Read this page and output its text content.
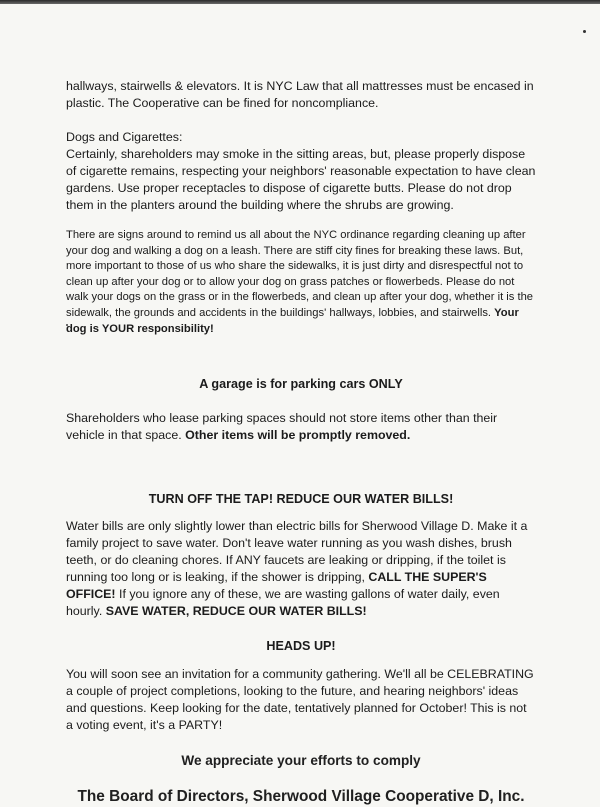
hallways, stairwells & elevators. It is NYC Law that all mattresses must be encased in plastic. The Cooperative can be fined for noncompliance.

Dogs and Cigarettes:

Certainly, shareholders may smoke in the sitting areas, but, please properly dispose of cigarette remains, respecting your neighbors' reasonable expectation to have clean gardens. Use proper receptacles to dispose of cigarette butts. Please do not drop them in the planters around the building where the shrubs are growing.

There are signs around to remind us all about the NYC ordinance regarding cleaning up after your dog and walking a dog on a leash. There are stiff city fines for breaking these laws. But, more important to those of us who share the sidewalks, it is just dirty and disrespectful not to clean up after your dog or to allow your dog on grass patches or flowerbeds. Please do not walk your dogs on the grass or in the flowerbeds, and clean up after your dog, whether it is the sidewalk, the grounds and accidents in the buildings' hallways, lobbies, and stairwells. Your dog is YOUR responsibility!

A garage is for parking cars ONLY

Shareholders who lease parking spaces should not store items other than their vehicle in that space. Other items will be promptly removed.

TURN OFF THE TAP! REDUCE OUR WATER BILLS!

Water bills are only slightly lower than electric bills for Sherwood Village D. Make it a family project to save water. Don't leave water running as you wash dishes, brush teeth, or do cleaning chores. If ANY faucets are leaking or dripping, if the toilet is running too long or is leaking, if the shower is dripping, CALL THE SUPER'S OFFICE! If you ignore any of these, we are wasting gallons of water daily, even hourly. SAVE WATER, REDUCE OUR WATER BILLS!

HEADS UP!

You will soon see an invitation for a community gathering. We'll all be CELEBRATING a couple of project completions, looking to the future, and hearing neighbors' ideas and questions. Keep looking for the date, tentatively planned for October! This is not a voting event, it's a PARTY!

We appreciate your efforts to comply

The Board of Directors, Sherwood Village Cooperative D, Inc.
